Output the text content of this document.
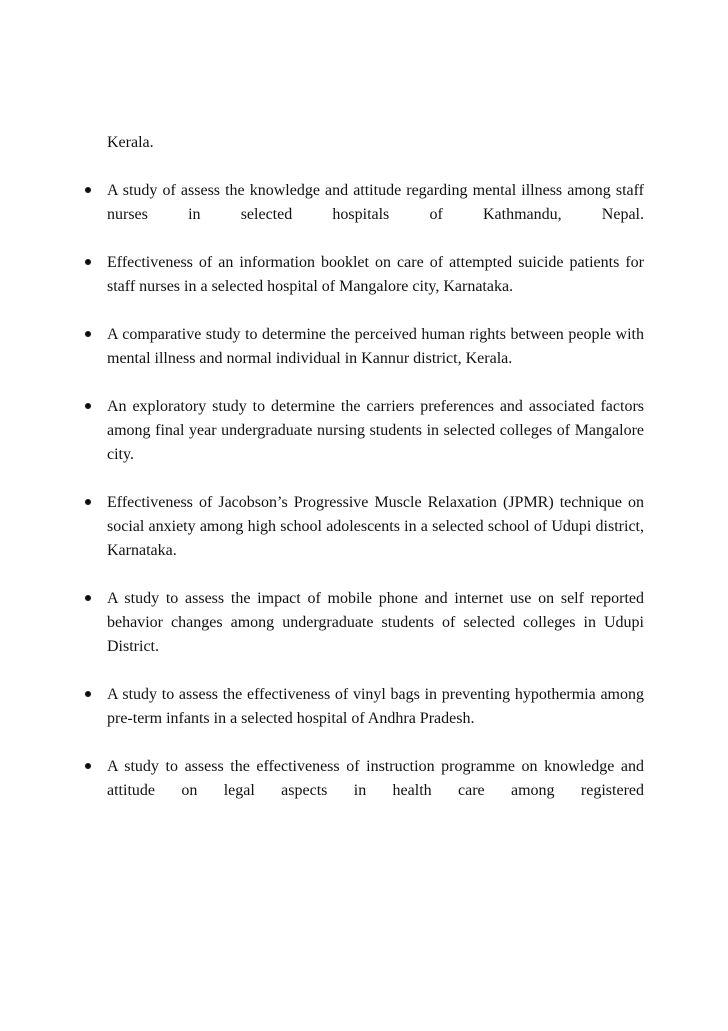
Kerala.
A study of assess the knowledge and attitude regarding mental illness among staff nurses in selected hospitals of Kathmandu, Nepal.
Effectiveness of an information booklet on care of attempted suicide patients for staff nurses in a selected hospital of Mangalore city, Karnataka.
A comparative study to determine the perceived human rights between people with mental illness and normal individual in Kannur district, Kerala.
An exploratory study to determine the carriers preferences and associated factors among final year undergraduate nursing students in selected colleges of Mangalore city.
Effectiveness of Jacobson’s Progressive Muscle Relaxation (JPMR) technique on social anxiety among high school adolescents in a selected school of Udupi district, Karnataka.
A study to assess the impact of mobile phone and internet use on self reported behavior changes among undergraduate students of selected colleges in Udupi District.
A study to assess the effectiveness of vinyl bags in preventing hypothermia among pre-term infants in a selected hospital of Andhra Pradesh.
A study to assess the effectiveness of instruction programme on knowledge and attitude on legal aspects in health care among registered
